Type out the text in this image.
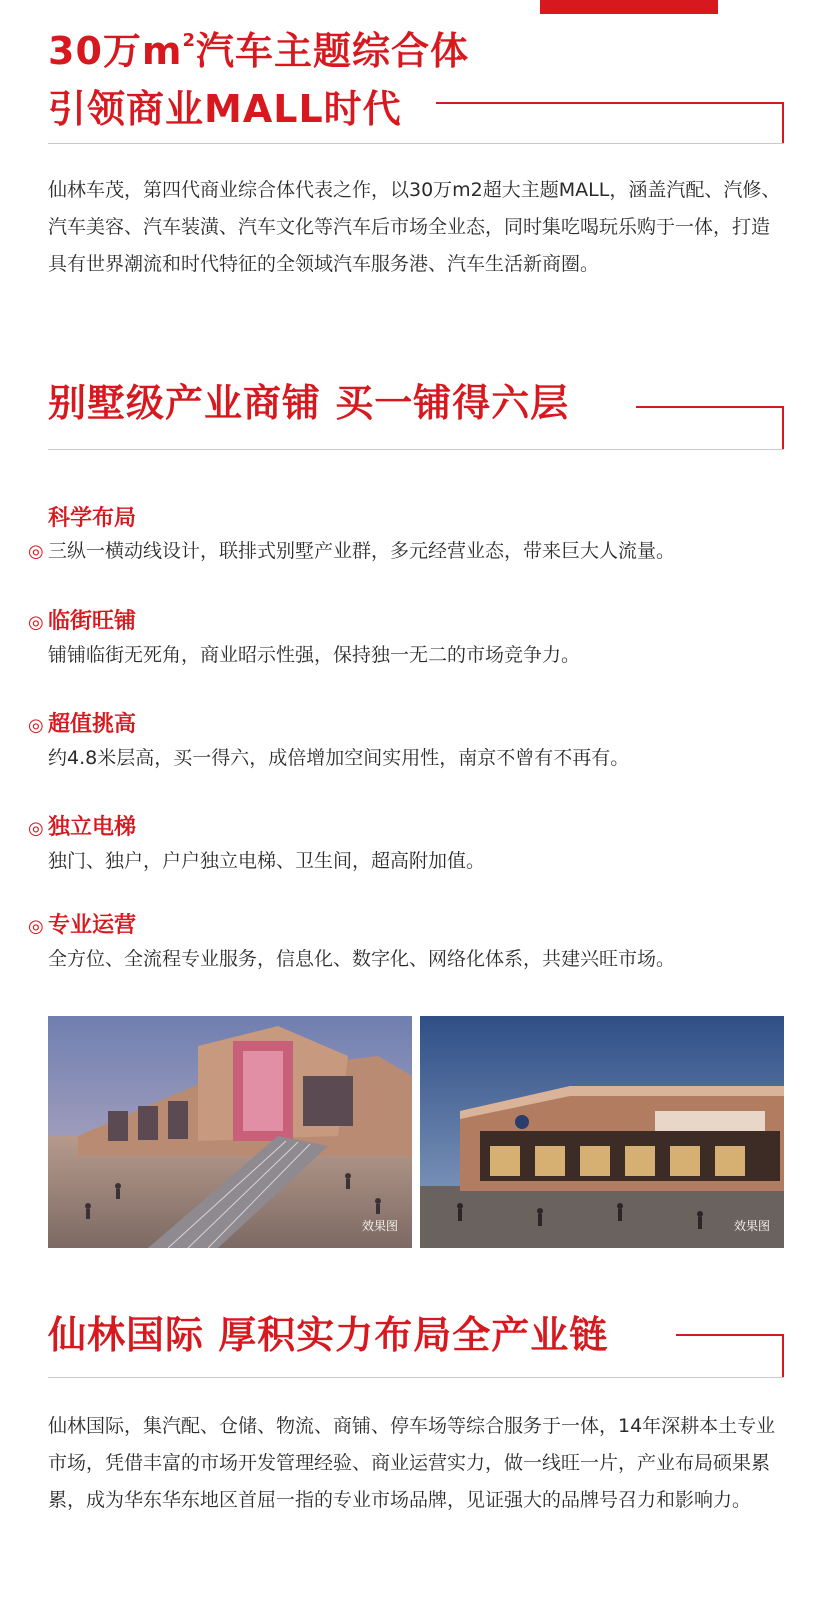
30万$m^2$汽车主题综合体
引领商业MALL时代

仙林车茂，第四代商业综合体代表之作，以30万m2超大主题MALL，涵盖汽配、汽修、汽车美容、汽车装潢、汽车文化等汽车后市场全业态，同时集吃喝玩乐购于一体，打造具有世界潮流和时代特征的全领域汽车服务港、汽车生活新商圈。

别墅级产业商铺 买一铺得六层
科学布局

◎ 三纵一横动线设计，联排式别墅产业群，多元经营业态，带来巨大人流量。

◎ 临街旺铺

铺铺临街无死角，商业昭示性强，保持独一无二的市场竞争力。

◎ 超值挑高

约4.8米层高，买一得六，成倍增加空间实用性，南京不曾有不再有。

◎ 独立电梯

独门、独户，户户独立电梯、卫生间，超高附加值。

◎ 专业运营

全方位、全流程专业服务，信息化、数字化、网络化体系，共建兴旺市场。

效果图	效果图
仙林国际 厚积实力布局全产业链

仙林国际，集汽配、仓储、物流、商铺、停车场等综合服务于一体，14年深耕本土专业市场，凭借丰富的市场开发管理经验、商业运营实力，做一线旺一片，产业布局硕果累累，成为华东华东地区首屈一指的专业市场品牌，见证强大的品牌号召力和影响力。
